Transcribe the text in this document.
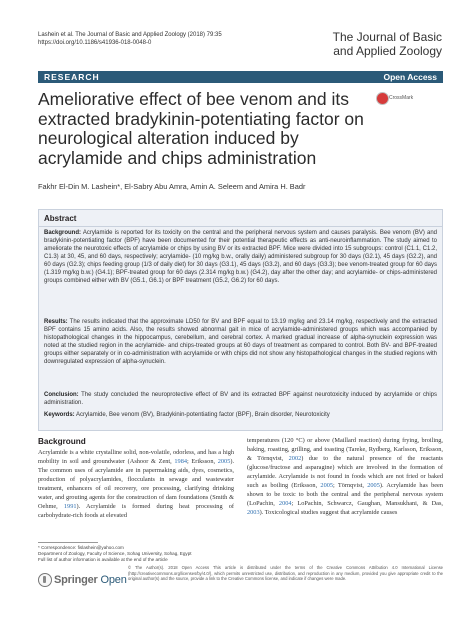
Lashein et al. The Journal of Basic and Applied Zoology (2018) 79:35
https://doi.org/10.1186/s41936-018-0048-0	The Journal of Basic
and Applied Zoology
RESEARCH	Open Access
CrossMark
Ameliorative effect of bee venom and its extracted bradykinin-potentiating factor on neurological alteration induced by acrylamide and chips administration
Fakhr El-Din M. Lashein*, El-Sabry Abu Amra, Amin A. Seleem and Amira H. Badr
Abstract
Background: Acrylamide is reported for its toxicity on the central and the peripheral nervous system and causes paralysis. Bee venom (BV) and bradykinin-potentiating factor (BPF) have been documented for their potential therapeutic effects as anti-neuroinflammation. The study aimed to ameliorate the neurotoxic effects of acrylamide or chips by using BV or its extracted BPF. Mice were divided into 15 subgroups: control (C1.1, C1.2, C1.3) at 30, 45, and 60 days, respectively; acrylamide- (10 mg/kg b.w., orally daily) administered subgroup for 30 days (G2.1), 45 days (G2.2), and 60 days (G2.3); chips feeding group (1/3 of daily diet) for 30 days (G3.1), 45 days (G3.2), and 60 days (G3.3); bee venom-treated group for 60 days (1.319 mg/kg b.w.) (G4.1); BPF-treated group for 60 days (2.314 mg/kg b.w.) (G4.2), day after the other day; and acrylamide- or chips-administered groups combined either with BV (G5.1, G6.1) or BPF treatment (G5.2, G6.2) for 60 days.
Results: The results indicated that the approximate LD50 for BV and BPF equal to 13.19 mg/kg and 23.14 mg/kg, respectively and the extracted BPF contains 15 amino acids. Also, the results showed abnormal gait in mice of acrylamide-administered groups which was accompanied by histopathological changes in the hippocampus, cerebellum, and cerebral cortex. A marked gradual increase of alpha-synuclein expression was noted at the studied region in the acrylamide- and chips-treated groups at 60 days of treatment as compared to control. Both BV- and BPF-treated groups either separately or in co-administration with acrylamide or with chips did not show any histopathological changes in the studied regions with downregulated expression of alpha-synuclein.
Conclusion: The study concluded the neuroprotective effect of BV and its extracted BPF against neurotoxicity induced by acrylamide or chips administration.
Keywords: Acrylamide, Bee venom (BV), Bradykinin-potentiating factor (BPF), Brain disorder, Neurotoxicity
Background
Acrylamide is a white crystalline solid, non-volatile, odorless, and has a high mobility in soil and groundwater (Ashoor & Zent, 1984; Eriksson, 2005). The common uses of acrylamide are in papermaking aids, dyes, cosmetics, production of polyacrylamides, flocculants in sewage and wastewater treatment, enhancers of oil recovery, ore processing, clarifying drinking water, and grouting agents for the construction of dam foundations (Smith & Oehme, 1991). Acrylamide is formed during heat processing of carbohydrate-rich foods at elevated
temperatures (120 °C) or above (Maillard reaction) during frying, broiling, baking, roasting, grilling, and toasting (Tareke, Rydberg, Karlsson, Eriksson, & Törnqvist, 2002) due to the natural presence of the reactants (glucose/fructose and asparagine) which are involved in the formation of acrylamide. Acrylamide is not found in foods which are not fried or baked such as boiling (Eriksson, 2005; Törnqvist, 2005). Acrylamide has been shown to be toxic to both the central and the peripheral nervous system (LoPachin, 2004; LoPachin, Schwarcz, Gaughan, Mansukhani, & Das, 2003). Toxicological studies suggest that acrylamide causes
* Correspondence: fislashein@yahoo.com
Department of Zoology, Faculty of Science, Sohag University, Sohag, Egypt
Full list of author information is available at the end of the article
Springer Open
© The Author(s). 2018 Open Access This article is distributed under the terms of the Creative Commons Attribution 4.0 International License (http://creativecommons.org/licenses/by/4.0/), which permits unrestricted use, distribution, and reproduction in any medium, provided you give appropriate credit to the original author(s) and the source, provide a link to the Creative Commons license, and indicate if changes were made.
